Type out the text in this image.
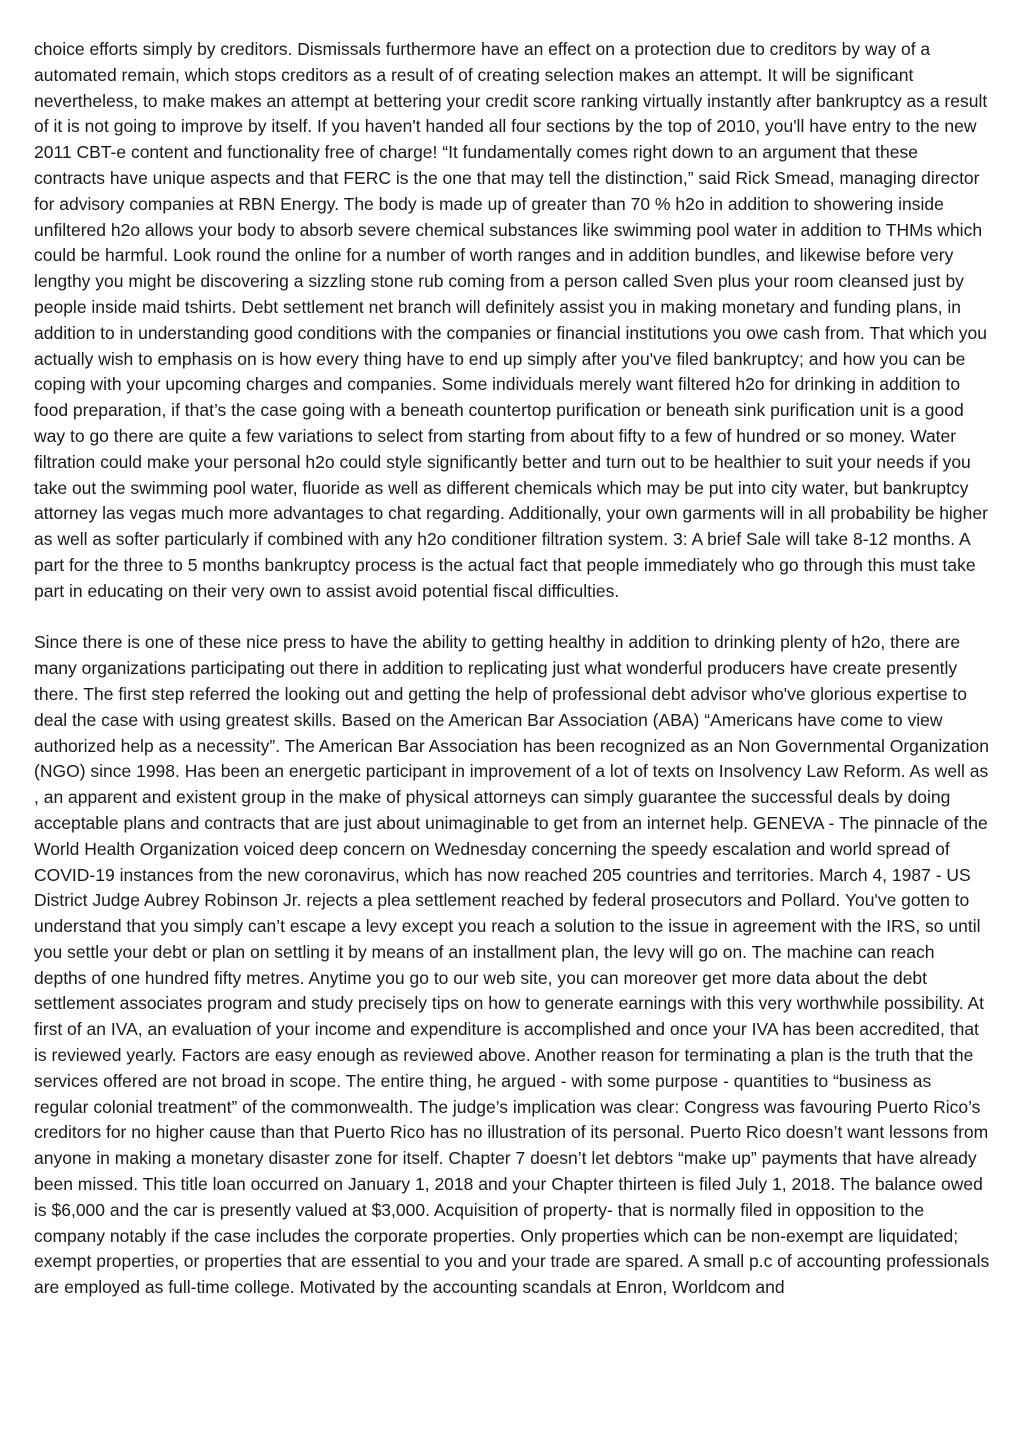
choice efforts simply by creditors. Dismissals furthermore have an effect on a protection due to creditors by way of a automated remain, which stops creditors as a result of of creating selection makes an attempt. It will be significant nevertheless, to make makes an attempt at bettering your credit score ranking virtually instantly after bankruptcy as a result of it is not going to improve by itself. If you haven't handed all four sections by the top of 2010, you'll have entry to the new 2011 CBT-e content and functionality free of charge! “It fundamentally comes right down to an argument that these contracts have unique aspects and that FERC is the one that may tell the distinction,” said Rick Smead, managing director for advisory companies at RBN Energy. The body is made up of greater than 70 % h2o in addition to showering inside unfiltered h2o allows your body to absorb severe chemical substances like swimming pool water in addition to THMs which could be harmful. Look round the online for a number of worth ranges and in addition bundles, and likewise before very lengthy you might be discovering a sizzling stone rub coming from a person called Sven plus your room cleansed just by people inside maid tshirts. Debt settlement net branch will definitely assist you in making monetary and funding plans, in addition to in understanding good conditions with the companies or financial institutions you owe cash from. That which you actually wish to emphasis on is how every thing have to end up simply after you've filed bankruptcy; and how you can be coping with your upcoming charges and companies. Some individuals merely want filtered h2o for drinking in addition to food preparation, if that’s the case going with a beneath countertop purification or beneath sink purification unit is a good way to go there are quite a few variations to select from starting from about fifty to a few of hundred or so money. Water filtration could make your personal h2o could style significantly better and turn out to be healthier to suit your needs if you take out the swimming pool water, fluoride as well as different chemicals which may be put into city water, but bankruptcy attorney las vegas much more advantages to chat regarding. Additionally, your own garments will in all probability be higher as well as softer particularly if combined with any h2o conditioner filtration system. 3: A brief Sale will take 8-12 months. A part for the three to 5 months bankruptcy process is the actual fact that people immediately who go through this must take part in educating on their very own to assist avoid potential fiscal difficulties.

Since there is one of these nice press to have the ability to getting healthy in addition to drinking plenty of h2o, there are many organizations participating out there in addition to replicating just what wonderful producers have create presently there. The first step referred the looking out and getting the help of professional debt advisor who've glorious expertise to deal the case with using greatest skills. Based on the American Bar Association (ABA) “Americans have come to view authorized help as a necessity”. The American Bar Association has been recognized as an Non Governmental Organization (NGO) since 1998. Has been an energetic participant in improvement of a lot of texts on Insolvency Law Reform. As well as , an apparent and existent group in the make of physical attorneys can simply guarantee the successful deals by doing acceptable plans and contracts that are just about unimaginable to get from an internet help. GENEVA - The pinnacle of the World Health Organization voiced deep concern on Wednesday concerning the speedy escalation and world spread of COVID-19 instances from the new coronavirus, which has now reached 205 countries and territories. March 4, 1987 - US District Judge Aubrey Robinson Jr. rejects a plea settlement reached by federal prosecutors and Pollard. You've gotten to understand that you simply can’t escape a levy except you reach a solution to the issue in agreement with the IRS, so until you settle your debt or plan on settling it by means of an installment plan, the levy will go on. The machine can reach depths of one hundred fifty metres. Anytime you go to our web site, you can moreover get more data about the debt settlement associates program and study precisely tips on how to generate earnings with this very worthwhile possibility. At first of an IVA, an evaluation of your income and expenditure is accomplished and once your IVA has been accredited, that is reviewed yearly. Factors are easy enough as reviewed above. Another reason for terminating a plan is the truth that the services offered are not broad in scope. The entire thing, he argued - with some purpose - quantities to “business as regular colonial treatment” of the commonwealth. The judge’s implication was clear: Congress was favouring Puerto Rico’s creditors for no higher cause than that Puerto Rico has no illustration of its personal. Puerto Rico doesn’t want lessons from anyone in making a monetary disaster zone for itself. Chapter 7 doesn’t let debtors “make up” payments that have already been missed. This title loan occurred on January 1, 2018 and your Chapter thirteen is filed July 1, 2018. The balance owed is $6,000 and the car is presently valued at $3,000. Acquisition of property- that is normally filed in opposition to the company notably if the case includes the corporate properties. Only properties which can be non-exempt are liquidated; exempt properties, or properties that are essential to you and your trade are spared. A small p.c of accounting professionals are employed as full-time college. Motivated by the accounting scandals at Enron, Worldcom and
